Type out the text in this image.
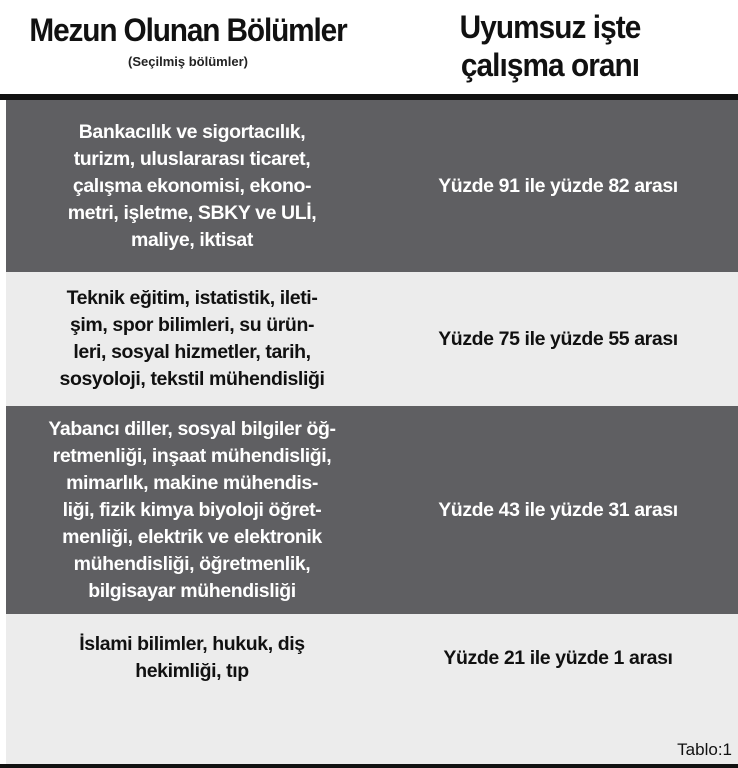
Mezun Olunan Bölümler
(Seçilmiş bölümler)
Uyumsuz işte
çalışma oranı
Bankacılık ve sigortacılık,
turizm, uluslararası ticaret,
çalışma ekonomisi, ekono-
metri, işletme, SBKY ve ULİ,
maliye, iktisat
Yüzde 91 ile yüzde 82 arası
Teknik eğitim, istatistik, ileti-
şim, spor bilimleri, su ürün-
leri, sosyal hizmetler, tarih,
sosyoloji, tekstil mühendisliği
Yüzde 75 ile yüzde 55 arası
Yabancı diller, sosyal bilgiler öğ-
retmenliği, inşaat mühendisliği,
mimarlık, makine mühendis-
liği, fizik kimya biyoloji öğret-
menliği, elektrik ve elektronik
mühendisliği, öğretmenlik,
bilgisayar mühendisliği
Yüzde 43 ile yüzde 31 arası
İslami bilimler, hukuk, diş
hekimliği, tıp
Yüzde 21 ile yüzde 1 arası
Tablo:1
